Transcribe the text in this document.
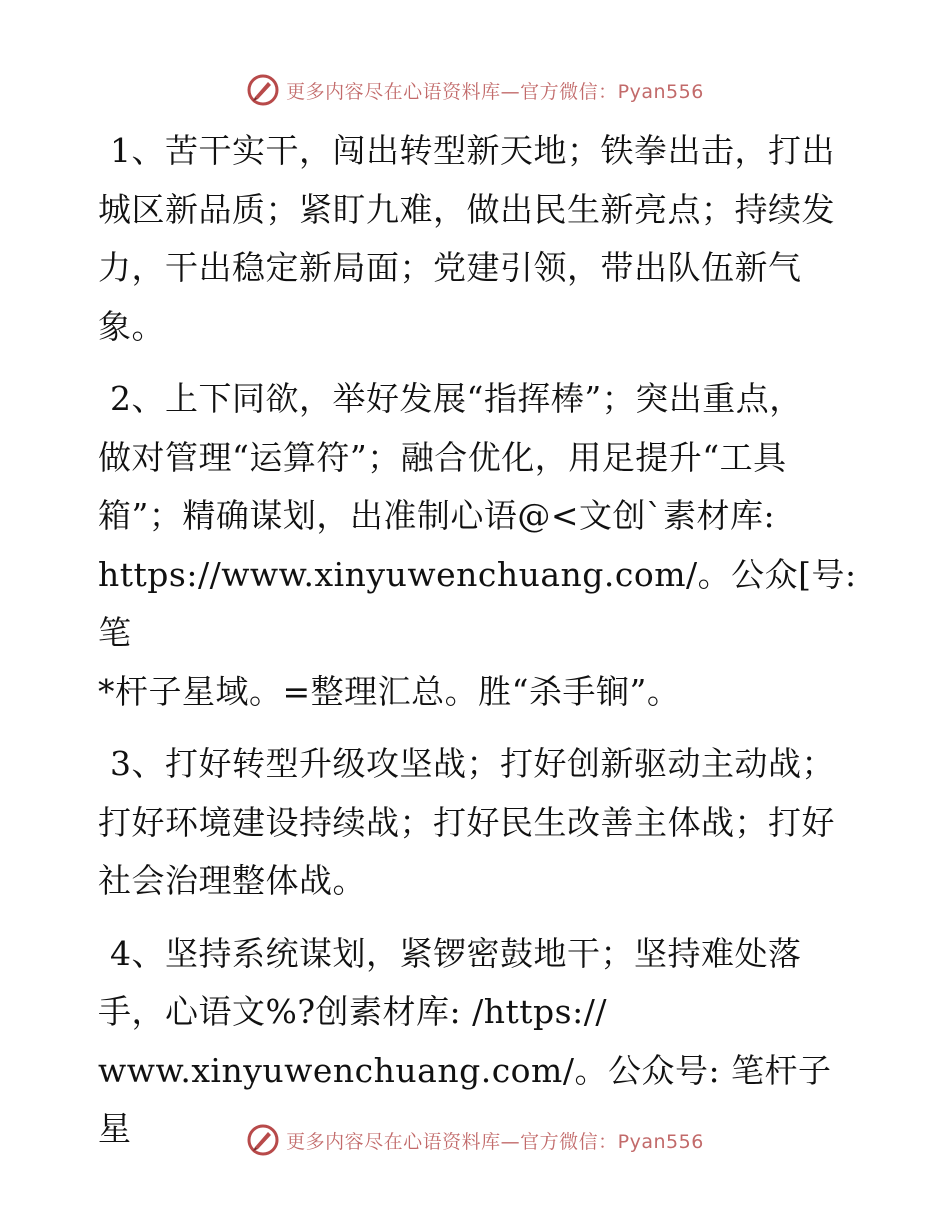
更多内容尽在心语资料库—官方微信：Pyan556

1、苦干实干，闯出转型新天地；铁拳出击，打出
城区新品质；紧盯九难，做出民生新亮点；持续发
力，干出稳定新局面；党建引领，带出队伍新气
象。

2、上下同欲，举好发展“指挥棒”；突出重点，
做对管理“运算符”；融合优化，用足提升“工具
箱”；精确谋划，出准制心语@<文创`素材库:
https://www.xinyuwenchuang.com/。公众[号: 笔
*杆子星域。=整理汇总。胜“杀手锏”。

3、打好转型升级攻坚战；打好创新驱动主动战；
打好环境建设持续战；打好民生改善主体战；打好
社会治理整体战。

4、坚持系统谋划，紧锣密鼓地干；坚持难处落
手，心语文%?创素材库: /https://
www.xinyuwenchuang.com/。公众号: 笔杆子星	更多内容尽在心语资料库—官方微信：Pyan556
